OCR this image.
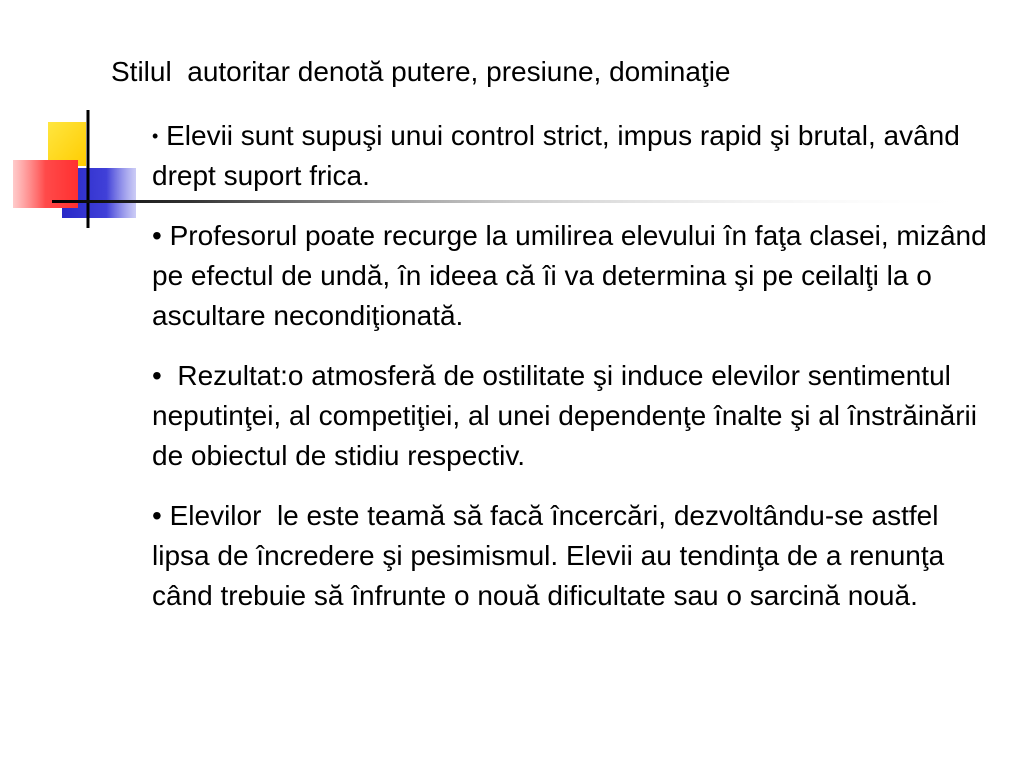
Stilul  autoritar denotă putere, presiune, dominaţie

• Elevii sunt supuşi unui control strict, impus rapid şi brutal, având drept suport frica.

• Profesorul poate recurge la umilirea elevului în faţa clasei, mizând pe efectul de undă, în ideea că îi va determina şi pe ceilalţi la o ascultare necondiţionată.

• Rezultat:o atmosferă de ostilitate şi induce elevilor sentimentul neputinţei, al competiţiei, al unei dependenţe înalte şi al înstrăinării de obiectul de stidiu respectiv.

• Elevilor  le este teamă să facă încercări, dezvoltându-se astfel lipsa de încredere şi pesimismul. Elevii au tendinţa de a renunţa când trebuie să înfrunte o nouă dificultate sau o sarcină nouă.
